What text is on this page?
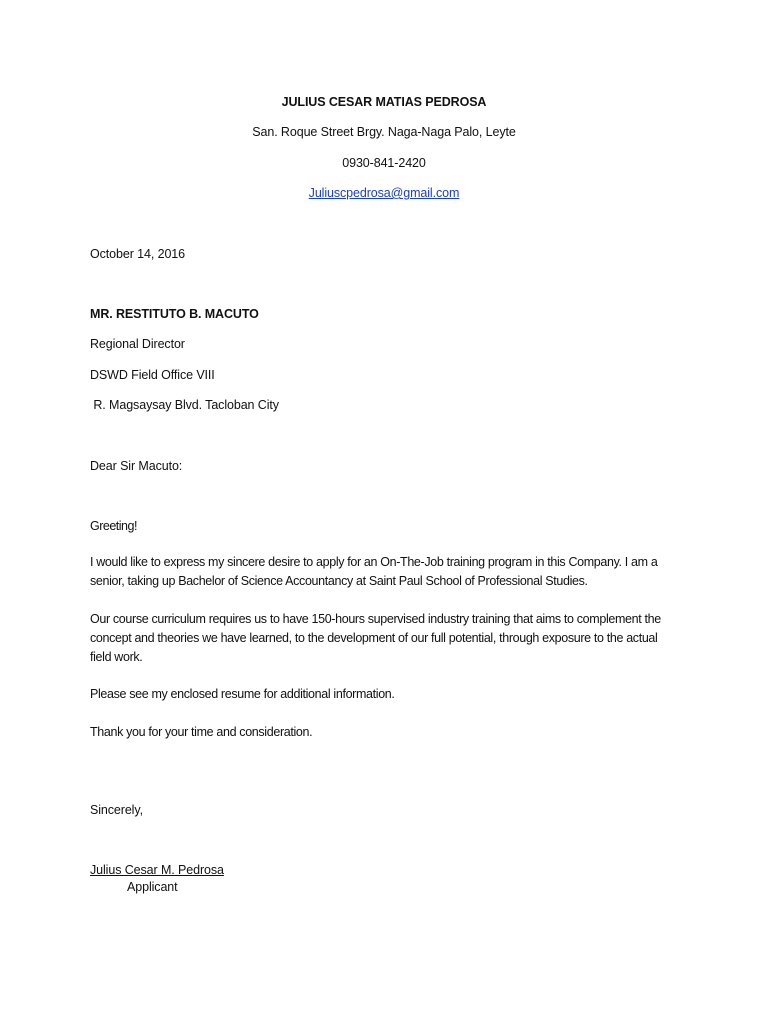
JULIUS CESAR MATIAS PEDROSA
San. Roque Street Brgy. Naga-Naga Palo, Leyte
0930-841-2420
Juliuscpedrosa@gmail.com
October 14, 2016
MR. RESTITUTO B. MACUTO
Regional Director
DSWD Field Office VIII
R. Magsaysay Blvd. Tacloban City
Dear Sir Macuto:
Greeting!
I would like to express my sincere desire to apply for an On-The-Job training program in this Company. I am a senior, taking up Bachelor of Science Accountancy at Saint Paul School of Professional Studies.
Our course curriculum requires us to have 150-hours supervised industry training that aims to complement the concept and theories we have learned, to the development of our full potential, through exposure to the actual field work.
Please see my enclosed resume for additional information.
Thank you for your time and consideration.
Sincerely,
Julius Cesar M. Pedrosa
Applicant
